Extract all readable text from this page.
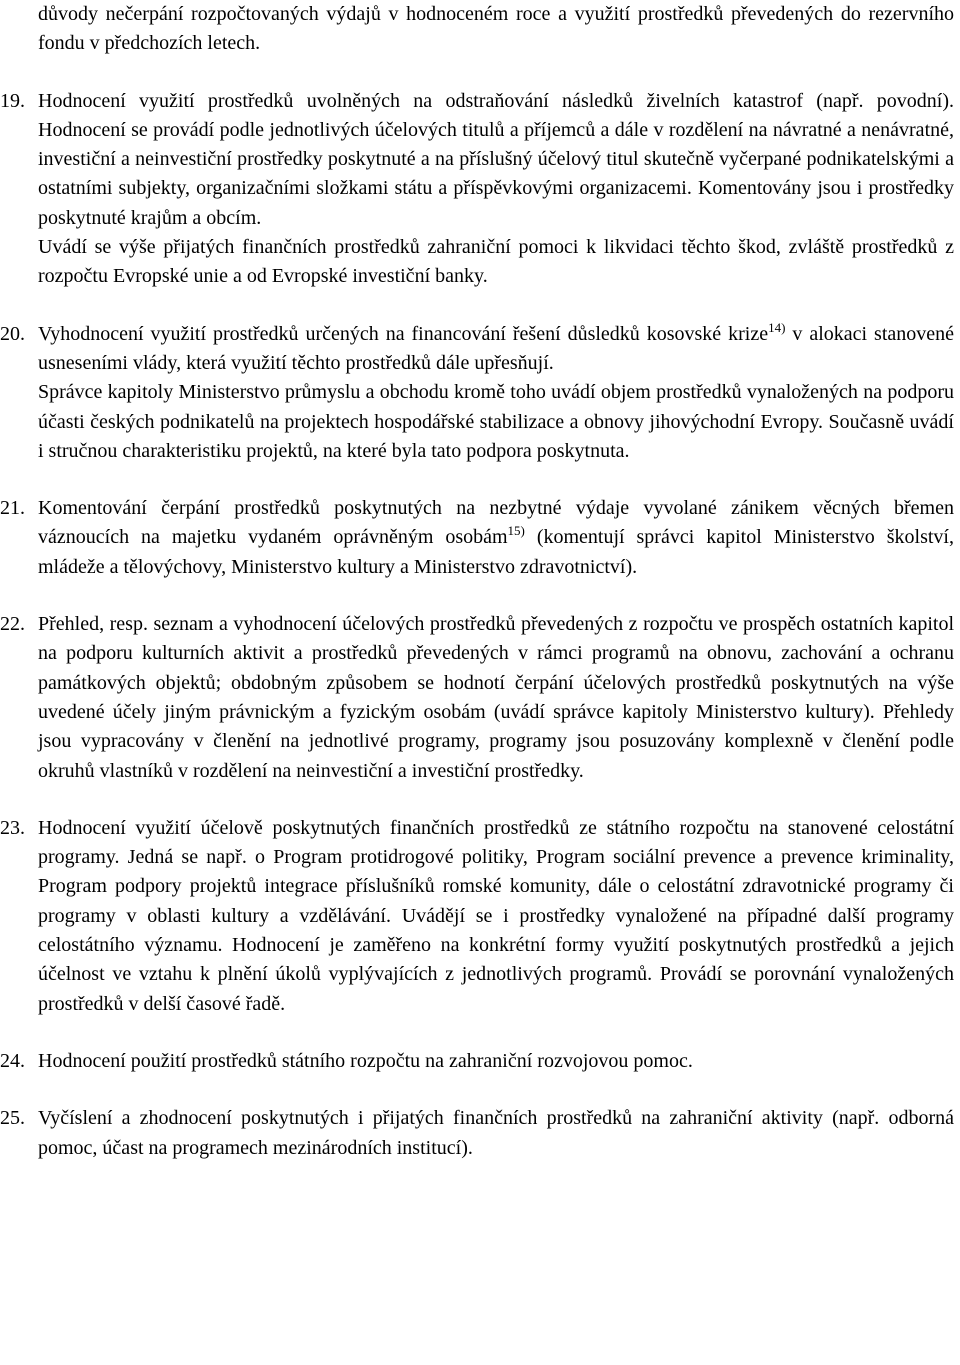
důvody nečerpání rozpočtovaných výdajů v hodnoceném roce a využití prostředků převedených do rezervního fondu v předchozích letech.

19. Hodnocení využití prostředků uvolněných na odstraňování následků živelních katastrof (např. povodní). Hodnocení se provádí podle jednotlivých účelových titulů a příjemců a dále v rozdělení na návratné a nenávratné, investiční a neinvestiční prostředky poskytnuté a na příslušný účelový titul skutečně vyčerpané podnikatelskými a ostatními subjekty, organizačními složkami státu a příspěvkovými organizacemi. Komentovány jsou i prostředky poskytnuté krajům a obcím.

Uvádí se výše přijatých finančních prostředků zahraniční pomoci k likvidaci těchto škod, zvláště prostředků z rozpočtu Evropské unie a od Evropské investiční banky.

20. Vyhodnocení využití prostředků určených na financování řešení důsledků kosovské krize$^{14)}$ v alokaci stanovené usneseními vlády, která využití těchto prostředků dále upřesňují.

Správce kapitoly Ministerstvo průmyslu a obchodu kromě toho uvádí objem prostředků vynaložených na podporu účasti českých podnikatelů na projektech hospodářské stabilizace a obnovy jihovýchodní Evropy. Současně uvádí i stručnou charakteristiku projektů, na které byla tato podpora poskytnuta.

21. Komentování čerpání prostředků poskytnutých na nezbytné výdaje vyvolané zánikem věcných břemen váznoucích na majetku vydaném oprávněným osobám$^{15)}$ (komentují správci kapitol Ministerstvo školství, mládeže a tělovýchovy, Ministerstvo kultury a Ministerstvo zdravotnictví).

22. Přehled, resp. seznam a vyhodnocení účelových prostředků převedených z rozpočtu ve prospěch ostatních kapitol na podporu kulturních aktivit a prostředků převedených v rámci programů na obnovu, zachování a ochranu památkových objektů; obdobným způsobem se hodnotí čerpání účelových prostředků poskytnutých na výše uvedené účely jiným právnickým a fyzickým osobám (uvádí správce kapitoly Ministerstvo kultury). Přehledy jsou vypracovány v členění na jednotlivé programy, programy jsou posuzovány komplexně v členění podle okruhů vlastníků v rozdělení na neinvestiční a investiční prostředky.

23. Hodnocení využití účelově poskytnutých finančních prostředků ze státního rozpočtu na stanovené celostátní programy. Jedná se např. o Program protidrogové politiky, Program sociální prevence a prevence kriminality, Program podpory projektů integrace příslušníků romské komunity, dále o celostátní zdravotnické programy či programy v oblasti kultury a vzdělávání. Uvádějí se i prostředky vynaložené na případné další programy celostátního významu. Hodnocení je zaměřeno na konkrétní formy využití poskytnutých prostředků a jejich účelnost ve vztahu k plnění úkolů vyplývajících z jednotlivých programů. Provádí se porovnání vynaložených prostředků v delší časové řadě.

24. Hodnocení použití prostředků státního rozpočtu na zahraniční rozvojovou pomoc.

25. Vyčíslení a zhodnocení poskytnutých i přijatých finančních prostředků na zahraniční aktivity (např. odborná pomoc, účast na programech mezinárodních institucí).
